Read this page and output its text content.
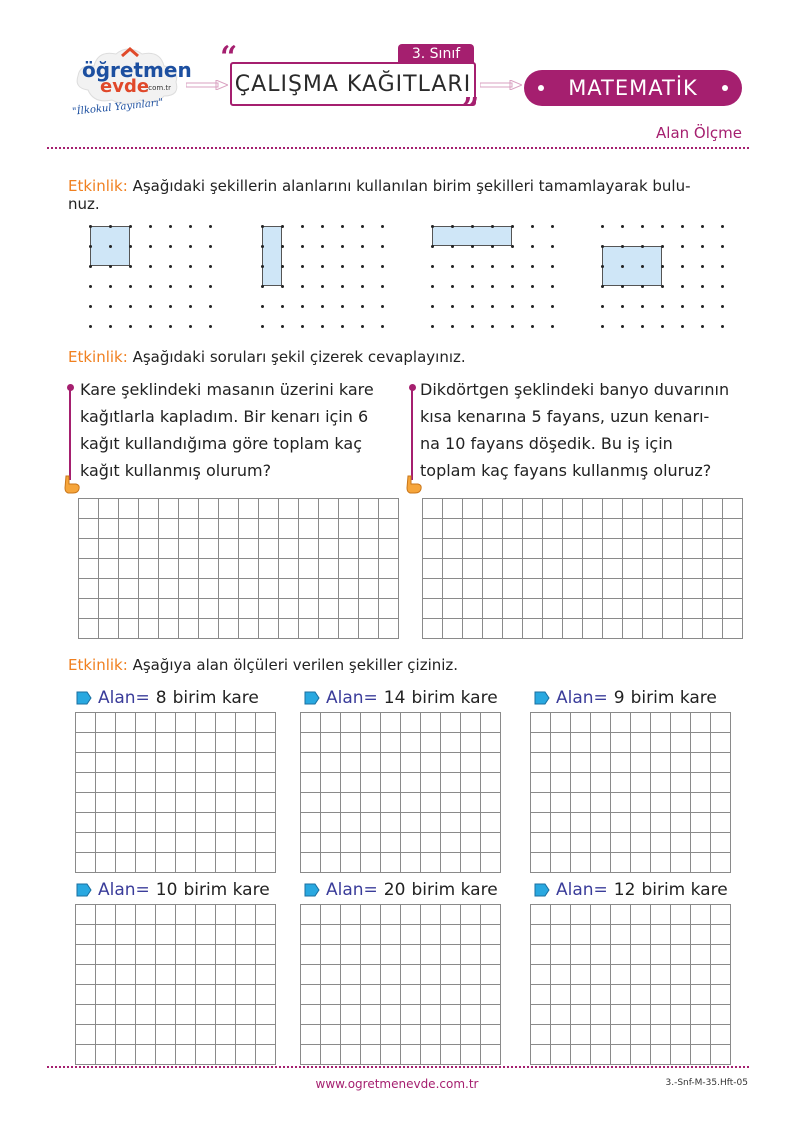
öğretmen
evde
.com.tr
"İlkokul Yayınları"
“	3. Sınıf
ÇALIŞMA KAĞITLARI
”
MATEMATİK
Alan Ölçme
Etkinlik: Aşağıdaki şekillerin alanlarını kullanılan birim şekilleri tamamlayarak bulu-
nuz.
Etkinlik: Aşağıdaki soruları şekil çizerek cevaplayınız.
Kare şeklindeki masanın üzerini kare
kağıtlarla kapladım. Bir kenarı için 6
kağıt kullandığıma göre toplam kaç
kağıt kullanmış olurum?
Dikdörtgen şeklindeki banyo duvarının
kısa kenarına 5 fayans, uzun kenarı-
na 10 fayans döşedik. Bu iş için
toplam kaç fayans kullanmış oluruz?

Etkinlik: Aşağıya alan ölçüleri verilen şekiller çiziniz.
Alan= 8 birim kare	Alan= 14 birim kare	Alan= 9 birim kare

Alan= 10 birim kare	Alan= 20 birim kare	Alan= 12 birim kare

www.ogretmenevde.com.tr	3.-Snf-M-35.Hft-05
